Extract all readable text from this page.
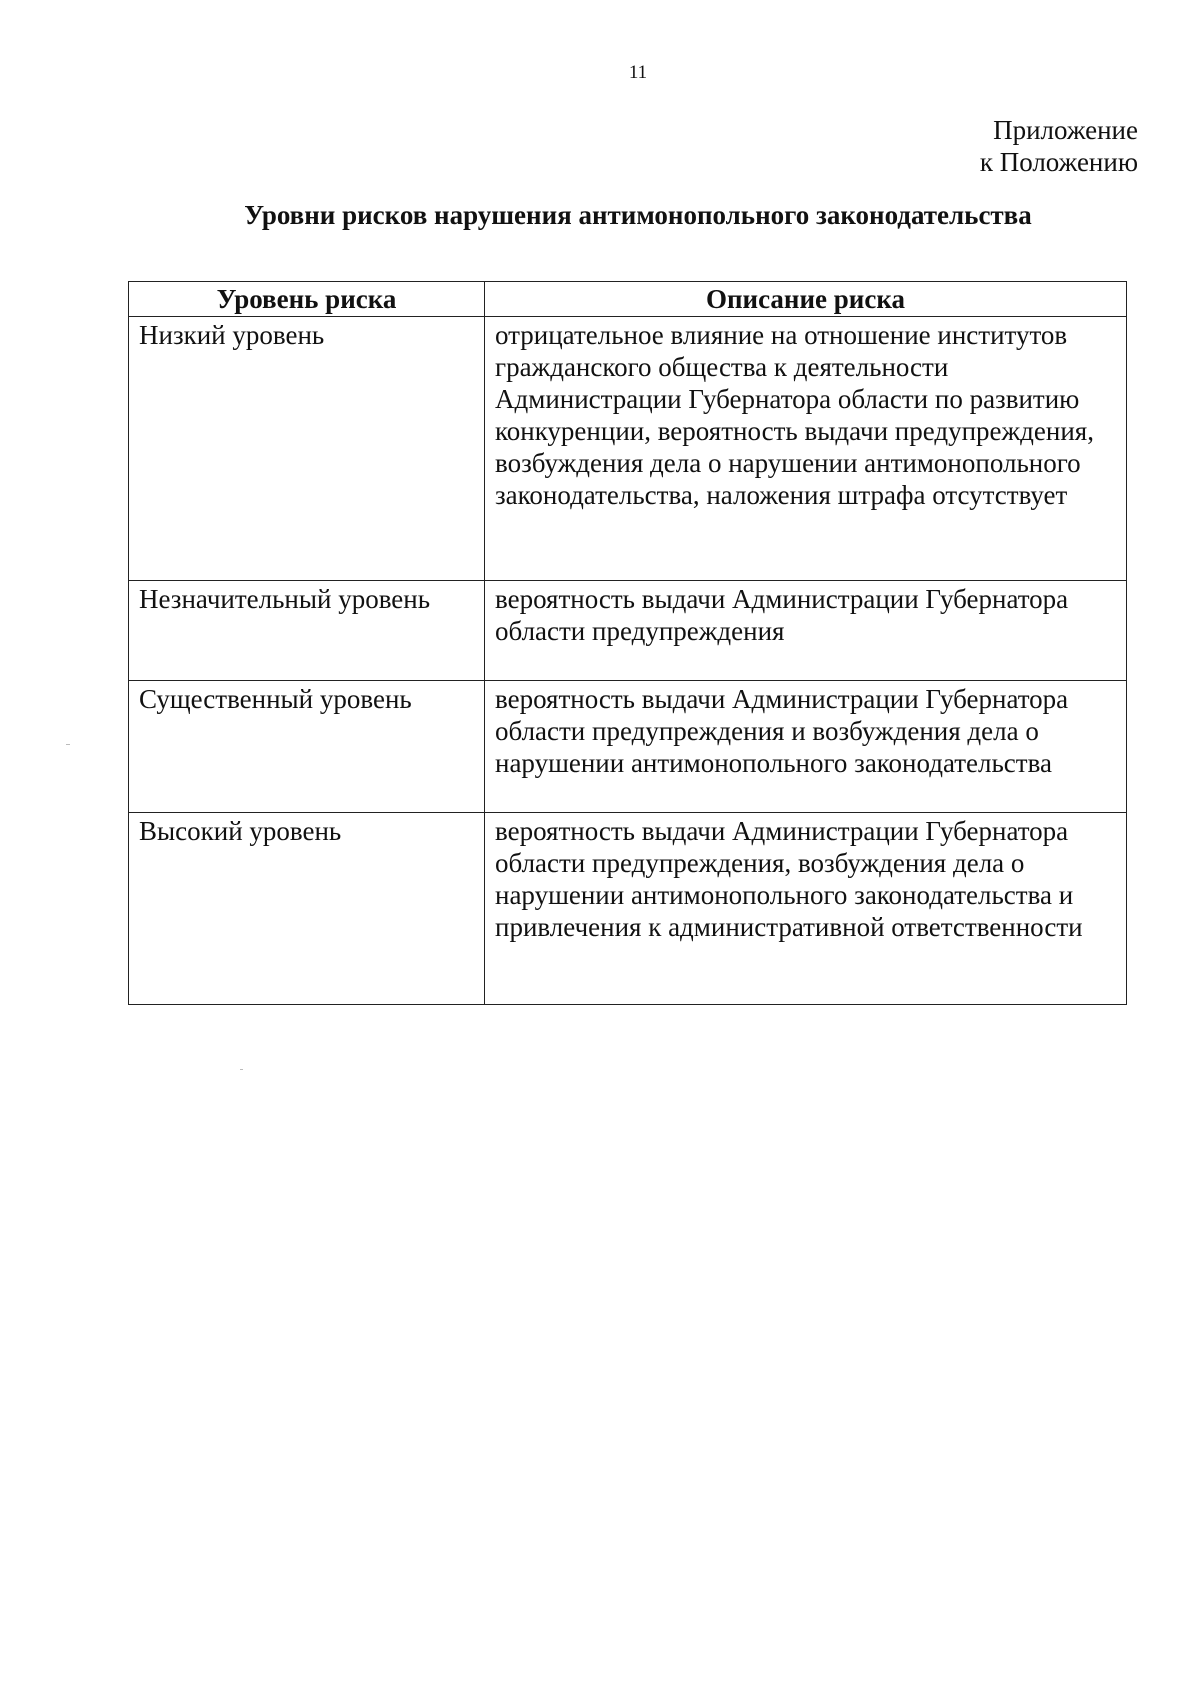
11
Приложение
к Положению
Уровни рисков нарушения антимонопольного законодательства
Уровень риска	Описание риска
Низкий уровень	отрицательное влияние на отношение институтов гражданского общества к деятельности Администрации Губернатора области по развитию конкуренции, вероятность выдачи предупреждения, возбуждения дела о нарушении антимонопольного законодательства, наложения штрафа отсутствует
Незначительный уровень	вероятность выдачи Администрации Губернатора области предупреждения
Существенный уровень	вероятность выдачи Администрации Губернатора области предупреждения и возбуждения дела о нарушении антимонопольного законодательства
Высокий уровень	вероятность выдачи Администрации Губернатора области предупреждения, возбуждения дела о нарушении антимонопольного законодательства и привлечения к административной ответственности
